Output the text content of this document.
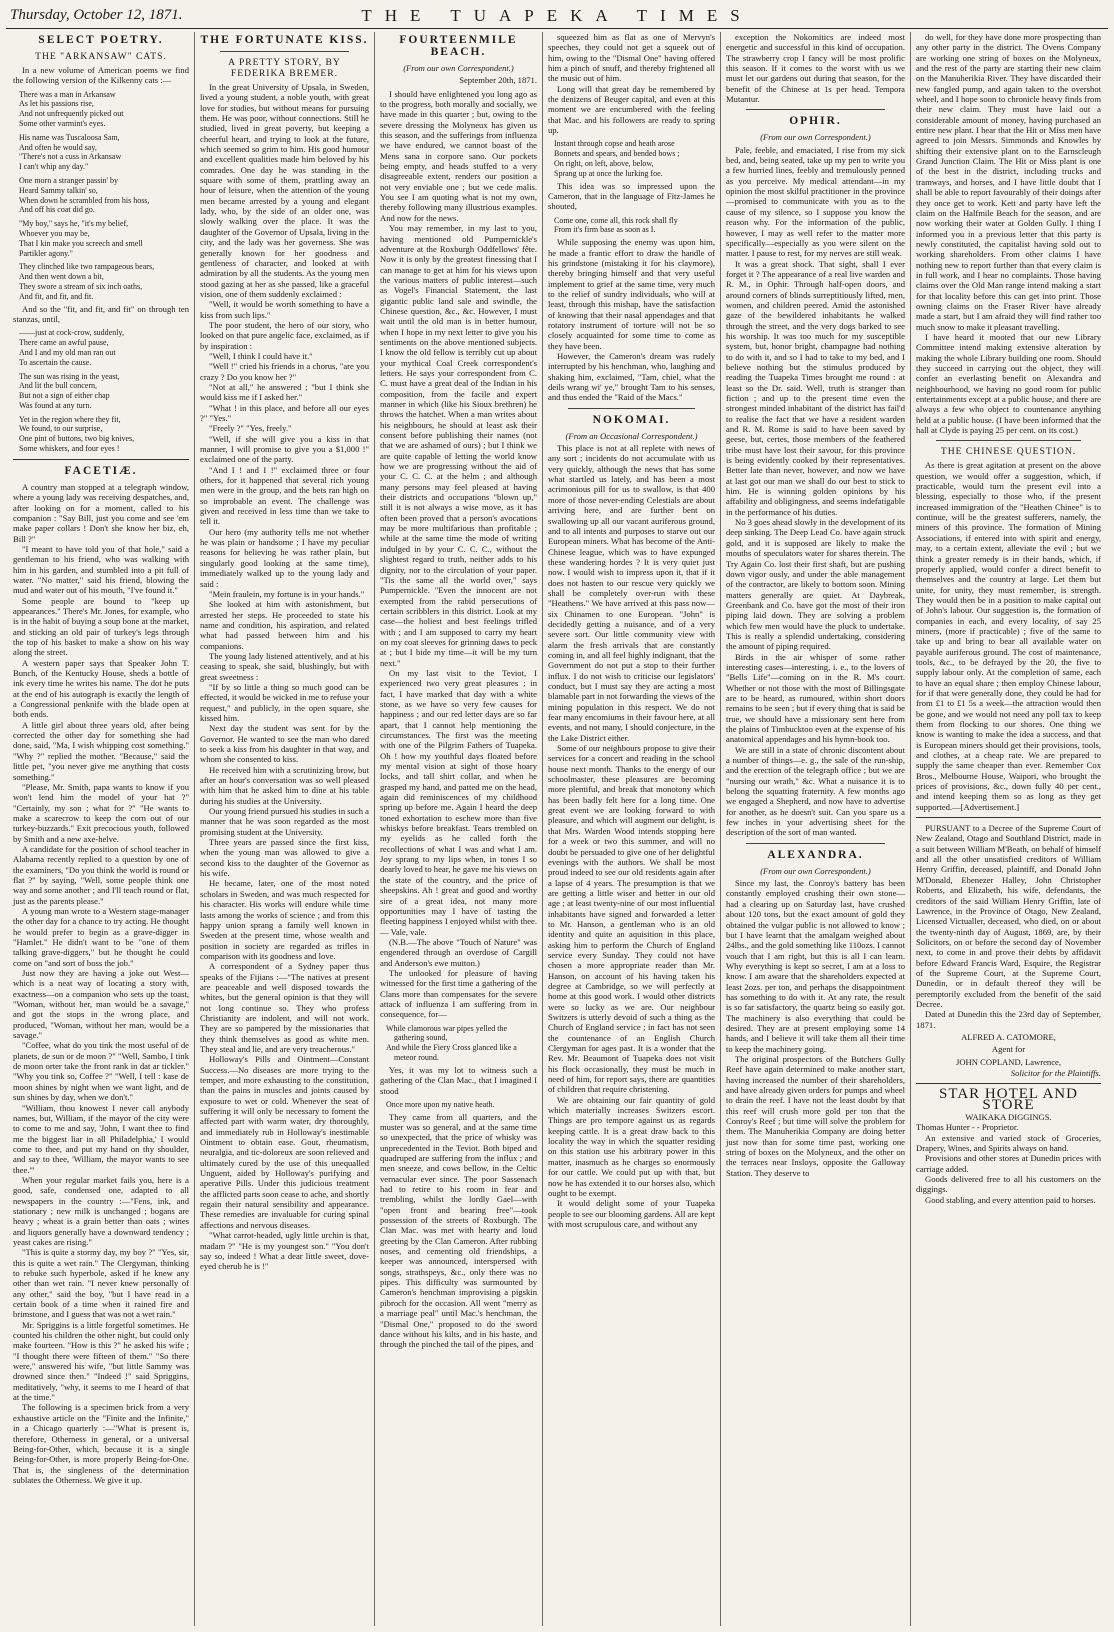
Thursday, October 12, 1871.	THE TUAPEKA TIMES
SELECT POETRY.
THE "ARKANSAW" CATS.

In a new volume of American poems we find the following version of the Kilkenny cats :—

There was a man in Arkansaw
As let his passions rise,
And not unfrequently picked out
Some other varmint's eyes.
His name was Tuscaloosa Sam,
And often he would say,
"There's not a cuss in Arkansaw
I can't whip any day."
One morn a stranger passin' by
Heard Sammy talkin' so,
When down he scrambled from his hoss,
And off his coat did go.
"My boy," says he, "it's my belief,
Whoever you may be,
That I kin make you screech and smell
Partikler agony."
They clinched like two rampageous bears,
And then went down a bit,
They swore a stream of six inch oaths,
And fit, and fit, and fit.

And so the "fit, and fit, and fit" on through ten stanzas, until,

——just at cock-crow, suddenly,
There came an awful pause,
And I and my old man ran out
To ascertain the cause.
The sun was rising in the yeast,
And lit the bull concern,
But not a sign of either chap
Was found at any turn.
Yet in the region where they fit,
We found, to our surprise,
One pint of buttons, two big knives,
Some whiskers, and four eyes !
FACETIÆ.

A country man stopped at a telegraph window, where a young lady was receiving despatches, and, after looking on for a moment, called to his companion : "Say Bill, just you come and see 'em make paper collars ! Don't she know her biz, eh, Bill ?"

"I meant to have told you of that hole," said a gentleman to his friend, who was walking with him in his garden, and stumbled into a pit full of water. "No matter," said his friend, blowing the mud and water out of his mouth, "I've found it."

Some people are bound to "keep up appearances." There's Mr. Jones, for example, who is in the habit of buying a soup bone at the market, and sticking an old pair of turkey's legs through the top of his basket to make a show on his way along the street.

A western paper says that Speaker John T. Bunch, of the Kentucky House, sheds a bottle of ink every time he writes his name. The dot he puts at the end of his autograph is exactly the length of a Congressional penknife with the blade open at both ends.

A little girl about three years old, after being corrected the other day for something she had done, said, "Ma, I wish whipping cost something." "Why ?" replied the mother. "Because," said the little pet, "you never give me anything that costs something."

"Please, Mr. Smith, papa wants to know if you won't lend him the model of your hat ?" "Certainly, my son ; what for ?" "He wants to make a scarecrow to keep the corn out of our turkey-buzzards." Exit precocious youth, followed by Smith and a new axe-helve.

A candidate for the position of school teacher in Alabama recently replied to a question by one of the examiners, "Do you think the world is round or flat ?" by saying, "Well, some people think one way and some another ; and I'll teach round or flat, just as the parents please."

A young man wrote to a Western stage-manager the other day for a chance to try acting. He thought he would prefer to begin as a grave-digger in "Hamlet." He didn't want to be "one of them talking grave-diggers," but he thought he could come on "and sort of boss the job."

Just now they are having a joke out West—which is a neat way of locating a story with, exactness—on a companion who sets up the toast, "Woman, without her, man would be a savage," and got the stops in the wrong place, and produced, "Woman, without her man, would be a savage."

"Coffee, what do you tink the most useful of de planets, de sun or de moon ?" "Well, Sambo, I tink de moon orter take the front rank in dat ar tickler." "Why you tink so, Coffee ?" "Well, I tell : kase de moon shines by night when we want light, and de sun shines by day, when we don't."

"William, thou knowest I never call anybody names, but, William, if the mayor of the city were to come to me and say, 'John, I want thee to find me the biggest liar in all Philadelphia,' I would come to thee, and put my hand on thy shoulder, and say to thee, 'William, the mayor wants to see thee.'"

When your regular market fails you, here is a good, safe, condensed one, adapted to all newspapers in the country :—"Fens, ink, and stationary ; new milk is unchanged ; bogans are heavy ; wheat is a grain better than oats ; wines and liquors generally have a downward tendency ; yeast cakes are rising."

"This is quite a stormy day, my boy ?" "Yes, sir, this is quite a wet rain." The Clergyman, thinking to rebuke such hyperbole, asked if he knew any other than wet rain. "I never knew personally of any other," said the boy, "but I have read in a certain book of a time when it rained fire and brimstone, and I guess that was not a wet rain."

Mr. Spriggins is a little forgetful sometimes. He counted his children the other night, but could only make fourteen. "How is this ?" he asked his wife ; "I thought there were fifteen of them." "So there were," answered his wife, "but little Sammy was drowned since then." "Indeed !" said Spriggins, meditatively, "why, it seems to me I heard of that at the time."

The following is a specimen brick from a very exhaustive article on the "Finite and the Infinite," in a Chicago quarterly :—"What is present is, therefore, Otherness in general, or a universal Being-for-Other, which, because it is a single Being-for-Other, is more properly Being-for-One. That is, the singleness of the determination sublates the Otherness. We give it up.

THE FORTUNATE KISS.
A PRETTY STORY, BY FEDERIKA BREMER.

In the great University of Upsala, in Sweden, lived a young student, a noble youth, with great love for studies, but without means for pursuing them. He was poor, without connections. Still he studied, lived in great poverty, but keeping a cheerful heart, and trying to look at the future, which seemed so grim to him. His good humour and excellent qualities made him beloved by his comrades. One day he was standing in the square with some of them, prattling away an hour of leisure, when the attention of the young men became arrested by a young and elegant lady, who, by the side of an older one, was slowly walking over the place. It was the daughter of the Governor of Upsala, living in the city, and the lady was her governess. She was generally known for her goodness and gentleness of character, and looked at with admiration by all the students. As the young men stood gazing at her as she passed, like a graceful vision, one of them suddenly exclaimed :

"Well, it would be worth something to have a kiss from such lips."

The poor student, the hero of our story, who looked on that pure angelic face, exclaimed, as if by inspiration :

"Well, I think I could have it."

"Well !" cried his friends in a chorus, "are you crazy ? Do you know her ?"

"Not at all," he answered ; "but I think she would kiss me if I asked her."

"What ! in this place, and before all our eyes ?" "Yes."

"Freely ?" "Yes, freely."

"Well, if she will give you a kiss in that manner, I will promise to give you a $1,000 !" exclaimed one of the party.

"And I ! and I !" exclaimed three or four others, for it happened that several rich young men were in the group, and the bets ran high on so improbable an event. The challenge was given and received in less time than we take to tell it.

Our hero (my authority tells me not whether he was plain or handsome ; I have my peculiar reasons for believing he was rather plain, but singularly good looking at the same time), immediately walked up to the young lady and said :

"Mein fraulein, my fortune is in your hands."

She looked at him with astonishment, but arrested her steps. He proceeded to state his name and condition, his aspiration, and related what had passed between him and his companions.

The young lady listened attentively, and at his ceasing to speak, she said, blushingly, but with great sweetness :

"If by so little a thing so much good can be effected, it would be wicked in me to refuse your request," and publicly, in the open square, she kissed him.

Next day the student was sent for by the Governor. He wanted to see the man who dared to seek a kiss from his daughter in that way, and whom she consented to kiss.

He received him with a scrutinizing brow, but after an hour's conversation was so well pleased with him that he asked him to dine at his table during his studies at the University.

Our young friend pursued his studies in such a manner that he was soon regarded as the most promising student at the University.

Three years are passed since the first kiss, when the young man was allowed to give a second kiss to the daughter of the Governor as his wife.

He became, later, one of the most noted scholars in Sweden, and was much respected for his character. His works will endure while time lasts among the works of science ; and from this happy union sprang a family well known in Sweden at the present time, whose wealth and position in society are regarded as trifles in comparison with its goodness and love.

A correspondent of a Sydney paper thus speaks of the Fijians :—"The natives at present are peaceable and well disposed towards the whites, but the general opinion is that they will not long continue so. They who profess Christianity are indolent, and will not work. They are so pampered by the missionaries that they think themselves as good as white men. They steal and lie, and are very treacherous."

Holloway's Pills and Ointment—Constant Success.—No diseases are more trying to the temper, and more exhausting to the constitution, than the pains in muscles and joints caused by exposure to wet or cold. Whenever the seat of suffering it will only be necessary to foment the affected part with warm water, dry thoroughly, and immediately rub in Holloway's inestimable Ointment to obtain ease. Gout, rheumatism, neuralgia, and tic-doloreux are soon relieved and ultimately cured by the use of this unequalled Unguent, aided by Holloway's purifying and aperative Pills. Under this judicious treatment the afflicted parts soon cease to ache, and shortly regain their natural sensibility and appearance. These remedies are invaluable for curing spinal affections and nervous diseases.

"What carrot-headed, ugly little urchin is that, madam ?" "He is my youngest son." "You don't say so, indeed ! What a dear little sweet, dove-eyed cherub he is !"

FOURTEENMILE BEACH.
(From our own Correspondent.)
September 20th, 1871.

I should have enlightened you long ago as to the progress, both morally and socially, we have made in this quarter ; but, owing to the severe dressing the Molyneux has given us this season, and the sufferings from influenza we have endured, we cannot boast of the Mens sana in corpore sano. Our pockets being empty, and heads stuffed to a very disagreeable extent, renders our position a not very enviable one ; but we cede malis. You see I am quoting what is not my own, thereby following many illustrious examples. And now for the news.

You may remember, in my last to you, having mentioned old Pumpernickle's adventure at the Roxburgh Oddfellows' fête. Now it is only by the greatest finessing that I can manage to get at him for his views upon the various matters of public interest—such as Vogel's Financial Statement, the last gigantic public land sale and swindle, the Chinese question, &c., &c. However, I must wait until the old man is in better humour, when I hope in my next letter to give you his sentiments on the above mentioned subjects. I know the old fellow is terribly cut up about your mythical Coal Creek correspondent's letters. He says your correspondent from C. C. must have a great deal of the Indian in his composition, from the facile and expert manner in which (like his Sioux brethren) he throws the hatchet. When a man writes about his neighbours, he should at least ask their consent before publishing their names (not that we are ashamed of ours) ; but I think we are quite capable of letting the world know how we are progressing without the aid of your C. C. C. at the helm ; and although many persons may feel pleased at having their districts and occupations "blown up," still it is not always a wise move, as it has often been proved that a person's avocations may be more multifarious than profitable ; while at the same time the mode of writing indulged in by your C. C. C., without the slightest regard to truth, neither adds to his dignity, nor to the circulation of your paper. "Tis the same all the world over," says Pumpernickle. "Even the innocent are not exempted from the rabid persecutions of certain scribblers in this district. Look at my case—the holiest and best feelings trifled with ; and I am supposed to carry my heart on my coat sleeves for grinning daws to peck at ; but I bide my time—it will be my turn next."

On my last visit to the Teviot, I experienced two very great pleasures ; in fact, I have marked that day with a white stone, as we have so very few causes for happiness ; and our red letter days are so far apart, that I cannot help mentioning the circumstances. The first was the meeting with one of the Pilgrim Fathers of Tuapeka. Oh ! how my youthful days floated before my mental vision at sight of those hoary locks, and tall shirt collar, and when he grasped my hand, and patted me on the head, again did reminiscences of my childhood spring up before me. Again I heard the deep toned exhortation to eschew more than five whiskys before breakfast. Tears trembled on my eyelids as he called forth the recollections of what I was and what I am. Joy sprang to my lips when, in tones I so dearly loved to hear, he gave me his views on the state of the country, and the price of sheepskins. Ah ! great and good and worthy sire of a great idea, not many more opportunities may I have of tasting the fleeting happiness I enjoyed whilst with thee.— Vale, vale.

(N.B.—The above "Touch of Nature" was engendered through an overdose of Cargill and Anderson's ewe mutton.)

The unlooked for pleasure of having witnessed for the first time a gathering of the Clans more than compensates for the severe attack of influenza I am suffering from in consequence, for—

While clamorous war pipes yelled the gathering sound,
And while the Fiery Cross glanced like a meteor round.

Yes, it was my lot to witness such a gathering of the Clan Mac., that I imagined I stood

Once more upon my native heath.

They came from all quarters, and the muster was so general, and at the same time so unexpected, that the price of whisky was unprecedented in the Teviot. Both biped and quadruped are suffering from the influx ; and men sneeze, and cows bellow, in the Celtic vernacular ever since. The poor Sassenach had to retire to his room in fear and trembling, whilst the lordly Gael—with "open front and bearing free"—took possession of the streets of Roxburgh. The Clan Mac. was met with hearty and loud greeting by the Clan Cameron. After rubbing noses, and cementing old friendships, a keeper was announced, interspersed with songs, strathspeys, &c., only there was no pipes. This difficulty was surmounted by Cameron's henchman improvising a pigskin pibroch for the occasion. All went "merry as a marriage peal" until Mac.'s henchman, the "Dismal One," proposed to do the sword dance without his kilts, and in his haste, and through the pinched the tail of the pipes, and

squeezed him as flat as one of Mervyn's speeches, they could not get a squeek out of him, owing to the "Dismal One" having offered him a pinch of snuff, and thereby frightened all the music out of him.

Long will that great day be remembered by the denizens of Beuger capital, and even at this moment we are encumbered with the feeling that Mac. and his followers are ready to spring up.

Instant through copse and heath arose
Bonnets and spears, and bended bows ;
On right, on left, above, below,
Sprang up at once the lurking foe.

This idea was so impressed upon the Cameron, that in the language of Fitz-James he shouted,

Come one, come all, this rock shall fly
From it's firm base as soon as I.

While supposing the enemy was upon him, he made a frantic effort to draw the handle of his grindstone (mistaking it for his claymore), thereby bringing himself and that very useful implement to grief at the same time, very much to the relief of sundry individuals, who will at least, through this mishap, have the satisfaction of knowing that their nasal appendages and that rotatory instrument of torture will not be so closely acquainted for some time to come as they have been.

However, the Cameron's dream was rudely interrupted by his henchman, who, laughing and shaking him, exclaimed, "Tam, chiel, what the deils wrang wi' ye," brought Tam to his senses, and thus ended the "Raid of the Macs."

NOKOMAI.
(From an Occasional Correspondent.)

This place is not at all replete with news of any sort ; incidents do not accumulate with us very quickly, although the news that has some what startled us lately, and has been a most acrimonious pill for us to swallow, is that 400 more of those never-ending Celestials are about arriving here, and are further bent on swallowing up all our vacant auriferous ground, and to all intents and purposes to starve out our European miners. What has become of the Anti-Chinese league, which was to have expunged these wandering hordes ? It is very quiet just now. I would wish to impress upon it, that if it does not hasten to our rescue very quickly we shall be completely over-run with these "Heathens." We have arrived at this pass now—six Chinamen to one European. "John" is decidedly getting a nuisance, and of a very severe sort. Our little community view with alarm the fresh arrivals that are constantly coming in, and all feel highly indignant, that the Government do not put a stop to their further influx. I do not wish to criticise our legislators' conduct, but I must say they are acting a most blamable part in not forwarding the views of the mining population in this respect. We do not fear many encomiums in their favour here, at all events, and not many, I should conjecture, in the the Lake District either.

Some of our neighbours propose to give their services for a concert and reading in the school house next month. Thanks to the energy of our schoolmaster, these pleasures are becoming more plentiful, and break that monotony which has been badly felt here for a long time. One great event we are looking forward to with pleasure, and which will augment our delight, is that Mrs. Warden Wood intends stopping here for a week or two this summer, and will no doubt be persuaded to give one of her delightful evenings with the authors. We shall be most proud indeed to see our old residents again after a lapse of 4 years. The presumption is that we are getting a little wiser and better in our old age ; at least twenty-nine of our most influential inhabitants have signed and forwarded a letter to Mr. Hanson, a gentleman who is an old identity and quite an aquisition in this place, asking him to perform the Church of England service every Sunday. They could not have chosen a more appropriate reader than Mr. Hanson, on account of his having taken his degree at Cambridge, so we will perfectly at home at this good work. I would other districts were so lucky as we are. Our neighbour Switzers is utterly devoid of such a thing as the Church of England service ; in fact has not seen the countenance of an English Church Clergyman for ages past. It is a wonder that the Rev. Mr. Beaumont of Tuapeka does not visit his flock occasionally, they must be much in need of him, for report says, there are quantities of children that require christening.

We are obtaining our fair quantity of gold which materially increases Switzers escort. Things are pro tempore against us as regards keeping cattle. It is a great draw back to this locality the way in which the squatter residing on this station use his arbitrary power in this matter, inasmuch as he charges so enormously for our cattle. We could put up with that, but now he has extended it to our horses also, which ought to be exempt.

It would delight some of your Tuapeka people to see our blooming gardens. All are kept with most scrupulous care, and without any

exception the Nokomitics are indeed most energetic and successful in this kind of occupation. The strawberry crop I fancy will be most prolific this season. If it comes to the worst with us we must let our gardens out during that season, for the benefit of the Chinese at 1s per head. Tempora Mutantur.

OPHIR.
(From our own Correspondent.)

Pale, feeble, and emaciated, I rise from my sick bed, and, being seated, take up my pen to write you a few hurried lines, feebly and tremulously penned as you perceive. My medical attendant—in my opinion the most skilful practitioner in the province—promised to communicate with you as to the cause of my silence, so I suppose you know the reason why. For the information of the public, however, I may as well refer to the matter more specifically—especially as you were silent on the matter. I pause to rest, for my nerves are still weak.

It was a great shock. That sight, shall I ever forget it ? The appearance of a real live warden and R. M., in Ophir. Through half-open doors, and around corners of blinds surreptitiously lifted, men, women, and children peered. Amid the astonished gaze of the bewildered inhabitants he walked through the street, and the very dogs barked to see his worship. It was too much for my susceptible system, but, honor bright, champagne had nothing to do with it, and so I had to take to my bed, and I believe nothing but the stimulus produced by reading the Tuapeka Times brought me round : at least so the Dr. said. Well, truth is stranger than fiction ; and up to the present time even the strongest minded inhabitant of the district has fail'd to realise the fact that we have a resident warden and R. M. Rome is said to have been saved by geese, but, certes, those members of the feathered tribe must have lost their savour, for this province is being evidently cooked by their representatives. Better late than never, however, and now we have at last got our man we shall do our best to stick to him. He is winning golden opinions by his affability and obligingness, and seems indefatigable in the performance of his duties.

No 3 goes ahead slowly in the development of its deep sinking. The Deep Lead Co. have again struck gold, and it is supposed are likely to make the mouths of speculators water for shares therein. The Try Again Co. lost their first shaft, but are pushing down vigor ously, and under the able management of the contractor, are likely to bottom soon. Mining matters generally are quiet. At Daybreak, Greenbank and Co. have got the most of their iron piping laid down. They are solving a problem which few men would have the pluck to undertake. This is really a splendid undertaking, considering the amount of piping required.

Birds in the air whisper of some rather interesting cases—interesting, i. e., to the lovers of "Bells Life"—coming on in the R. M's court. Whether or not those with the most of Billingsgate are to be heard, as rumoured, within short doors remains to be seen ; but if every thing that is said be true, we should have a missionary sent here from the plains of Timbucktoo even at the expense of his anatomical appendages and his hymn-book too.

We are still in a state of chronic discontent about a number of things—e. g., the sale of the run-ship, and the erection of the telegraph office ; but we are "nursing our wrath," &c. What a nuisance it is to belong the squatting fraternity. A few months ago we engaged a Shepherd, and now have to advertise for another, as he doesn't suit. Can you spare us a few inches in your advertising sheet for the description of the sort of man wanted.

ALEXANDRA.
(From our own Correspondent.)

Since my last, the Conroy's battery has been constantly employed crushing their own stone—had a clearing up on Saturday last, have crushed about 120 tons, but the exact amount of gold they obtained the vulgar public is not allowed to know ; but I have learnt that the amalgam weighed about 24lbs., and the gold something like 110ozs. I cannot vouch that I am right, but this is all I can learn. Why everything is kept so secret, I am at a loss to know. I am aware that the shareholders expected at least 2ozs. per ton, and perhaps the disappointment has something to do with it. At any rate, the result is so far satisfactory, the quartz being so easily got. The machinery is also everything that could be desired. They are at present employing some 14 hands, and I believe it will take them all their time to keep the machinery going.

The original prospectors of the Butchers Gully Reef have again determined to make another start, having increased the number of their shareholders, and have already given orders for pumps and wheel to drain the reef. I have not the least doubt by that this reef will crush more gold per ton that the Conroy's Reef ; but time will solve the problem for them. The Manuherikia Company are doing better just now than for some time past, working one string of boxes on the Molyneux, and the other on the terraces near Insloys, opposite the Galloway Station. They deserve to

do well, for they have done more prospecting than any other party in the district. The Ovens Company are working one string of boxes on the Molyneux, and the rest of the party are starting their new claim on the Manuherikia River. They have discarded their new fangled pump, and again taken to the overshot wheel, and I hope soon to chronicle heavy finds from their new claim. They must have laid out a considerable amount of money, having purchased an entire new plant. I hear that the Hit or Miss men have agreed to join Messrs. Simmonds and Knowles by shifting their extensive plant on to the Earnscleugh Grand Junction Claim. The Hit or Miss plant is one of the best in the district, including trucks and tramways, and horses, and I have little doubt that I shall be able to report favourably of their doings after they once get to work. Kett and party have left the claim on the Halfmile Beach for the season, and are now working their water at Golden Gully. I thing I informed you in a previous letter that this party is newly constituted, the capitalist having sold out to working shareholders. From other claims I have nothing new to report further than that every claim is in full work, and I hear no complaints. Those having claims over the Old Man range intend making a start for that locality before this can get into print. Those owning claims on the Fraser River have already made a start, but I am afraid they will find rather too much snow to make it pleasant travelling.

I have heard it mooted that our new Library Committee intend making extensive alteration by making the whole Library building one room. Should they succeed in carrying out the object, they will confer an everlasting benefit on Alexandra and neighbourhood, we having no good room for public entertainments except at a public house, and there are always a few who object to countenance anything held at a public house. (I have been informed that the hall at Clyde is paying 25 per cent. on its cost.)

THE CHINESE QUESTION.

As there is great agitation at present on the above question, we would offer a suggestion, which, if practicable, would turn the present evil into a blessing, especially to those who, if the present increased immigration of the "Heathen Chinee" is to continue, will be the greatest sufferers, namely, the miners of this province. The formation of Mining Associations, if entered into with spirit and energy, may, to a certain extent, alleviate the evil ; but we think a greater remedy is in their hands, which, if properly applied, would confer a direct benefit to themselves and the country at large. Let them but unite, for unity, they must remember, is strength. They would then be in a position to make capital out of John's labour. Our suggestion is, the formation of companies in each, and every locality, of say 25 miners, (more if practicable) ; five of the same to take up and bring to bear all available water on payable auriferous ground. The cost of maintenance, tools, &c., to be defrayed by the 20, the five to supply labour only. At the completion of same, each to have an equal share ; then employ Chinese labour, for if that were generally done, they could be had for from £1 to £1 5s a week—the attraction would then be gone, and we would not need any poll tax to keep them from flocking to our shores. One thing we know is wanting to make the idea a success, and that is European miners should get their provisions, tools, and clothes, at a cheap rate. We are prepared to supply the same cheaper than ever. Remember Cox Bros., Melbourne House, Waipori, who brought the prices of provisions, &c., down fully 40 per cent., and intend keeping them so as long as they get supported.—[Advertisement.]

PURSUANT to a Decree of the Supreme Court of New Zealand, Otago and Southland District, made in a suit between William M'Beath, on behalf of himself and all the other unsatisfied creditors of William Henry Griffin, deceased, plaintiff, and Donald John M'Donald, Ebenezer Halley, John Christopher Roberts, and Elizabeth, his wife, defendants, the creditors of the said William Henry Griffin, late of Lawrence, in the Province of Otago, New Zealand, Licensed Victualler, deceased, who died, on or about the twenty-ninth day of August, 1869, are, by their Solicitors, on or before the second day of November next, to come in and prove their debts by affidavit before Edward Francis Ward, Esquire, the Registrar of the Supreme Court, at the Supreme Court, Dunedin, or in default thereof they will be peremptorily excluded from the benefit of the said Decree.

Dated at Dunedin this the 23rd day of September, 1871.

ALFRED A. CATOMORE,
Agent for
JOHN COPLAND, Lawrence,
Solicitor for the Plaintiffs.
STAR HOTEL AND STORE
WAIKAKA DIGGINGS.

Thomas Hunter - - Proprietor.

An extensive and varied stock of Groceries, Drapery, Wines, and Spirits always on hand.

Provisions and other stores at Dunedin prices with carriage added.

Goods delivered free to all his customers on the diggings.

Good stabling, and every attention paid to horses.
